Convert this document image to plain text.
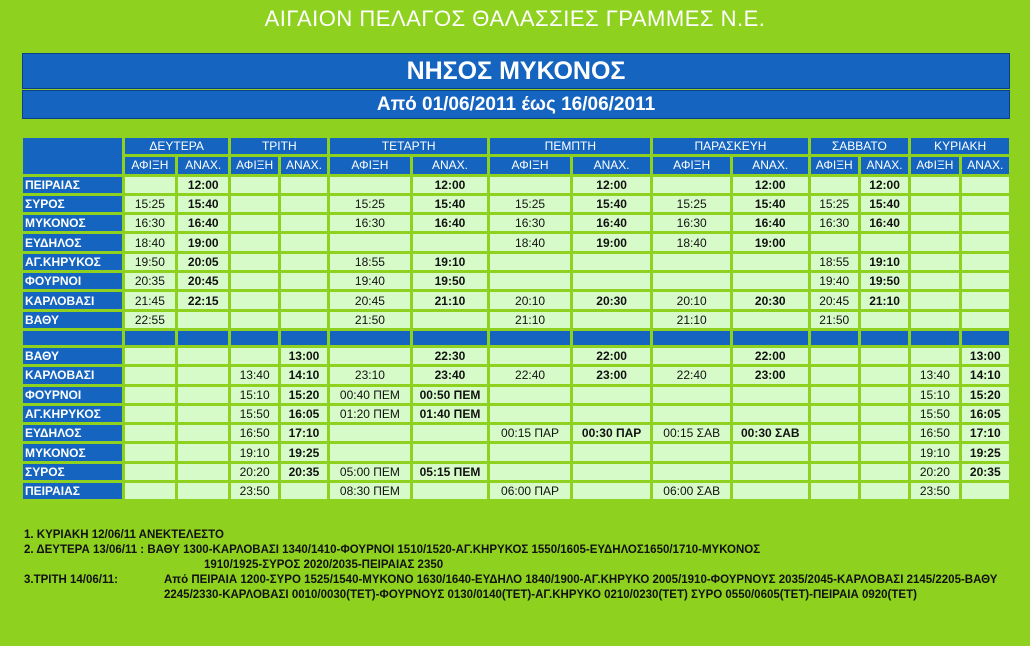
ΑΙΓΑΙΟΝ ΠΕΛΑΓΟΣ ΘΑΛΑΣΣΙΕΣ ΓΡΑΜΜΕΣ Ν.Ε.
ΝΗΣΟΣ ΜΥΚΟΝΟΣ
Από 01/06/2011 έως 16/06/2011
	ΔΕΥΤΕΡΑ		ΤΡΙΤΗ		ΤΕΤΑΡΤΗ		ΠΕΜΠΤΗ		ΠΑΡΑΣΚΕΥΗ		ΣΑΒΒΑΤΟ		ΚΥΡΙΑΚΗ	
	ΑΦΙΞΗ	ΑΝΑΧ.	ΑΦΙΞΗ	ΑΝΑΧ.	ΑΦΙΞΗ	ΑΝΑΧ.	ΑΦΙΞΗ	ΑΝΑΧ.	ΑΦΙΞΗ	ΑΝΑΧ.	ΑΦΙΞΗ	ΑΝΑΧ.	ΑΦΙΞΗ	ΑΝΑΧ.
ΠΕΙΡΑΙΑΣ		12:00				12:00		12:00		12:00		12:00		
ΣΥΡΟΣ	15:25	15:40			15:25	15:40	15:25	15:40	15:25	15:40	15:25	15:40		
ΜΥΚΟΝΟΣ	16:30	16:40			16:30	16:40	16:30	16:40	16:30	16:40	16:30	16:40		
ΕΥΔΗΛΟΣ	18:40	19:00					18:40	19:00	18:40	19:00				
ΑΓ.ΚΗΡΥΚΟΣ	19:50	20:05			18:55	19:10					18:55	19:10		
ΦΟΥΡΝΟΙ	20:35	20:45			19:40	19:50					19:40	19:50		
ΚΑΡΛΟΒΑΣΙ	21:45	22:15			20:45	21:10	20:10	20:30	20:10	20:30	20:45	21:10		
ΒΑΘΥ	22:55				21:50		21:10		21:10		21:50			

ΒΑΘΥ				13:00		22:30		22:00		22:00				13:00
ΚΑΡΛΟΒΑΣΙ			13:40	14:10	23:10	23:40	22:40	23:00	22:40	23:00			13:40	14:10
ΦΟΥΡΝΟΙ			15:10	15:20	00:40 ΠΕΜ	00:50 ΠΕΜ							15:10	15:20
ΑΓ.ΚΗΡΥΚΟΣ			15:50	16:05	01:20 ΠΕΜ	01:40 ΠΕΜ							15:50	16:05
ΕΥΔΗΛΟΣ			16:50	17:10			00:15 ΠΑΡ	00:30 ΠΑΡ	00:15 ΣΑΒ	00:30 ΣΑΒ			16:50	17:10
ΜΥΚΟΝΟΣ			19:10	19:25									19:10	19:25
ΣΥΡΟΣ			20:20	20:35	05:00 ΠΕΜ	05:15 ΠΕΜ							20:20	20:35
ΠΕΙΡΑΙΑΣ			23:50		08:30 ΠΕΜ		06:00 ΠΑΡ		06:00 ΣΑΒ				23:50	
1. ΚΥΡΙΑΚΗ 12/06/11 ΑΝΕΚΤΕΛΕΣΤΟ
2. ΔΕΥΤΕΡΑ 13/06/11 : ΒΑΘΥ 1300-ΚΑΡΛΟΒΑΣΙ 1340/1410-ΦΟΥΡΝΟΙ 1510/1520-ΑΓ.ΚΗΡΥΚΟΣ 1550/1605-ΕΥΔΗΛΟΣ1650/1710-ΜΥΚΟΝΟΣ
1910/1925-ΣΥΡΟΣ 2020/2035-ΠΕΙΡΑΙΑΣ 2350
3.ΤΡΙΤΗ 14/06/11:	Από ΠΕΙΡΑΙΑ 1200-ΣΥΡΟ 1525/1540-ΜΥΚΟΝΟ 1630/1640-ΕΥΔΗΛΟ 1840/1900-ΑΓ.ΚΗΡΥΚΟ 2005/1910-ΦΟΥΡΝΟΥΣ 2035/2045-ΚΑΡΛΟΒΑΣΙ 2145/2205-ΒΑΘΥ 2245/2330-ΚΑΡΛΟΒΑΣΙ 0010/0030(ΤΕΤ)-ΦΟΥΡΝΟΥΣ 0130/0140(ΤΕΤ)-ΑΓ.ΚΗΡΥΚΟ 0210/0230(ΤΕΤ) ΣΥΡΟ 0550/0605(ΤΕΤ)-ΠΕΙΡΑΙΑ 0920(ΤΕΤ)
